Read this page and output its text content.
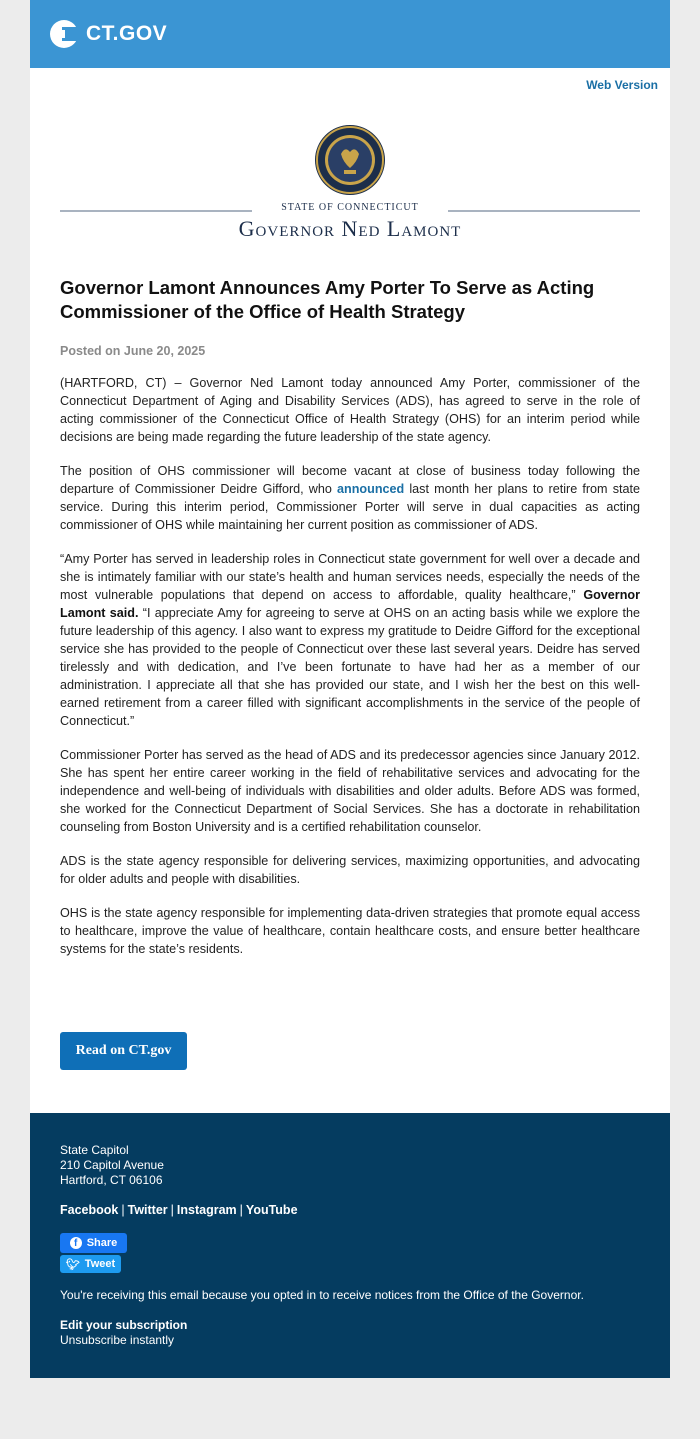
CT.GOV
Web Version
STATE OF CONNECTICUT
Governor Ned Lamont
Governor Lamont Announces Amy Porter To Serve as Acting Commissioner of the Office of Health Strategy
Posted on June 20, 2025

(HARTFORD, CT) – Governor Ned Lamont today announced Amy Porter, commissioner of the Connecticut Department of Aging and Disability Services (ADS), has agreed to serve in the role of acting commissioner of the Connecticut Office of Health Strategy (OHS) for an interim period while decisions are being made regarding the future leadership of the state agency.

The position of OHS commissioner will become vacant at close of business today following the departure of Commissioner Deidre Gifford, who announced last month her plans to retire from state service. During this interim period, Commissioner Porter will serve in dual capacities as acting commissioner of OHS while maintaining her current position as commissioner of ADS.

“Amy Porter has served in leadership roles in Connecticut state government for well over a decade and she is intimately familiar with our state’s health and human services needs, especially the needs of the most vulnerable populations that depend on access to affordable, quality healthcare,” Governor Lamont said. “I appreciate Amy for agreeing to serve at OHS on an acting basis while we explore the future leadership of this agency. I also want to express my gratitude to Deidre Gifford for the exceptional service she has provided to the people of Connecticut over these last several years. Deidre has served tirelessly and with dedication, and I’ve been fortunate to have had her as a member of our administration. I appreciate all that she has provided our state, and I wish her the best on this well-earned retirement from a career filled with significant accomplishments in the service of the people of Connecticut.”

Commissioner Porter has served as the head of ADS and its predecessor agencies since January 2012. She has spent her entire career working in the field of rehabilitative services and advocating for the independence and well-being of individuals with disabilities and older adults. Before ADS was formed, she worked for the Connecticut Department of Social Services. She has a doctorate in rehabilitation counseling from Boston University and is a certified rehabilitation counselor.

ADS is the state agency responsible for delivering services, maximizing opportunities, and advocating for older adults and people with disabilities.

OHS is the state agency responsible for implementing data-driven strategies that promote equal access to healthcare, improve the value of healthcare, contain healthcare costs, and ensure better healthcare systems for the state’s residents.

Read on CT.gov
State Capitol
210 Capitol Avenue
Hartford, CT 06106
Facebook | Twitter | Instagram | YouTube
f Share
🐦︎ Tweet
You're receiving this email because you opted in to receive notices from the Office of the Governor.
Edit your subscription
Unsubscribe instantly
